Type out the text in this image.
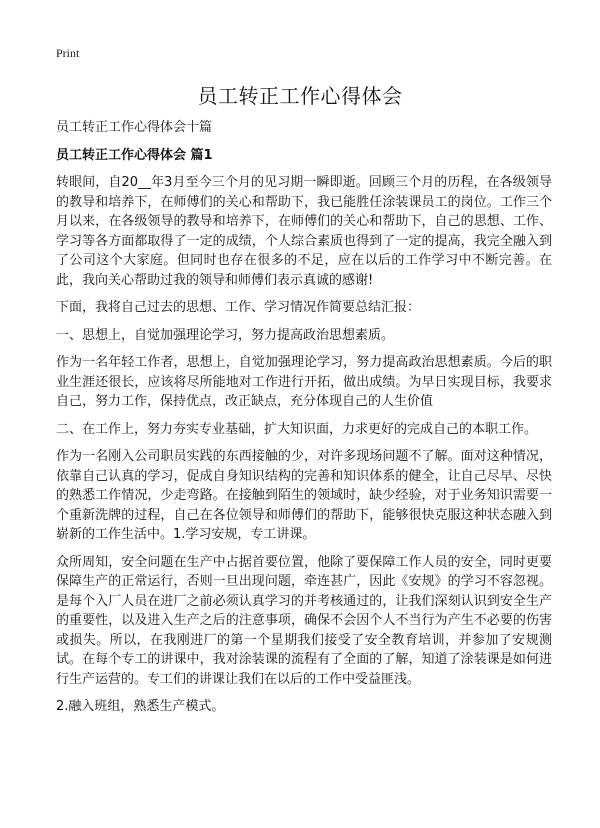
Print
员工转正工作心得体会

员工转正工作心得体会十篇

员工转正工作心得体会 篇1

转眼间，自20__年3月至今三个月的见习期一瞬即逝。回顾三个月的历程，在各级领导的教导和培养下，在师傅们的关心和帮助下，我已能胜任涂装课员工的岗位。工作三个月以来，在各级领导的教导和培养下，在师傅们的关心和帮助下，自己的思想、工作、学习等各方面都取得了一定的成绩，个人综合素质也得到了一定的提高，我完全融入到了公司这个大家庭。但同时也存在很多的不足，应在以后的工作学习中不断完善。在此，我向关心帮助过我的领导和师傅们表示真诚的感谢!

下面，我将自己过去的思想、工作、学习情况作简要总结汇报：

一、思想上，自觉加强理论学习，努力提高政治思想素质。

作为一名年轻工作者，思想上，自觉加强理论学习，努力提高政治思想素质。今后的职业生涯还很长，应该将尽所能地对工作进行开拓，做出成绩。为早日实现目标，我要求自己，努力工作，保持优点，改正缺点，充分体现自己的人生价值

二、在工作上，努力夯实专业基础，扩大知识面，力求更好的完成自己的本职工作。

作为一名刚入公司职员实践的东西接触的少，对许多现场问题不了解。面对这种情况，依靠自己认真的学习，促成自身知识结构的完善和知识体系的健全，让自己尽早、尽快的熟悉工作情况，少走弯路。在接触到陌生的领域时，缺少经验，对于业务知识需要一个重新洗牌的过程，自己在各位领导和师傅们的帮助下，能够很快克服这种状态融入到崭新的工作生活中。1.学习安规，专工讲课。

众所周知，安全问题在生产中占据首要位置，他除了要保障工作人员的安全，同时更要保障生产的正常运行，否则一旦出现问题，牵连甚广，因此《安规》的学习不容忽视。是每个入厂人员在进厂之前必须认真学习的并考核通过的，让我们深刻认识到安全生产的重要性，以及进入生产之后的注意事项，确保不会因个人不当行为产生不必要的伤害或损失。所以，在我刚进厂的第一个星期我们接受了安全教育培训，并参加了安规测试。在每个专工的讲课中，我对涂装课的流程有了全面的了解，知道了涂装课是如何进行生产运营的。专工们的讲课让我们在以后的工作中受益匪浅。

2.融入班组，熟悉生产模式。
